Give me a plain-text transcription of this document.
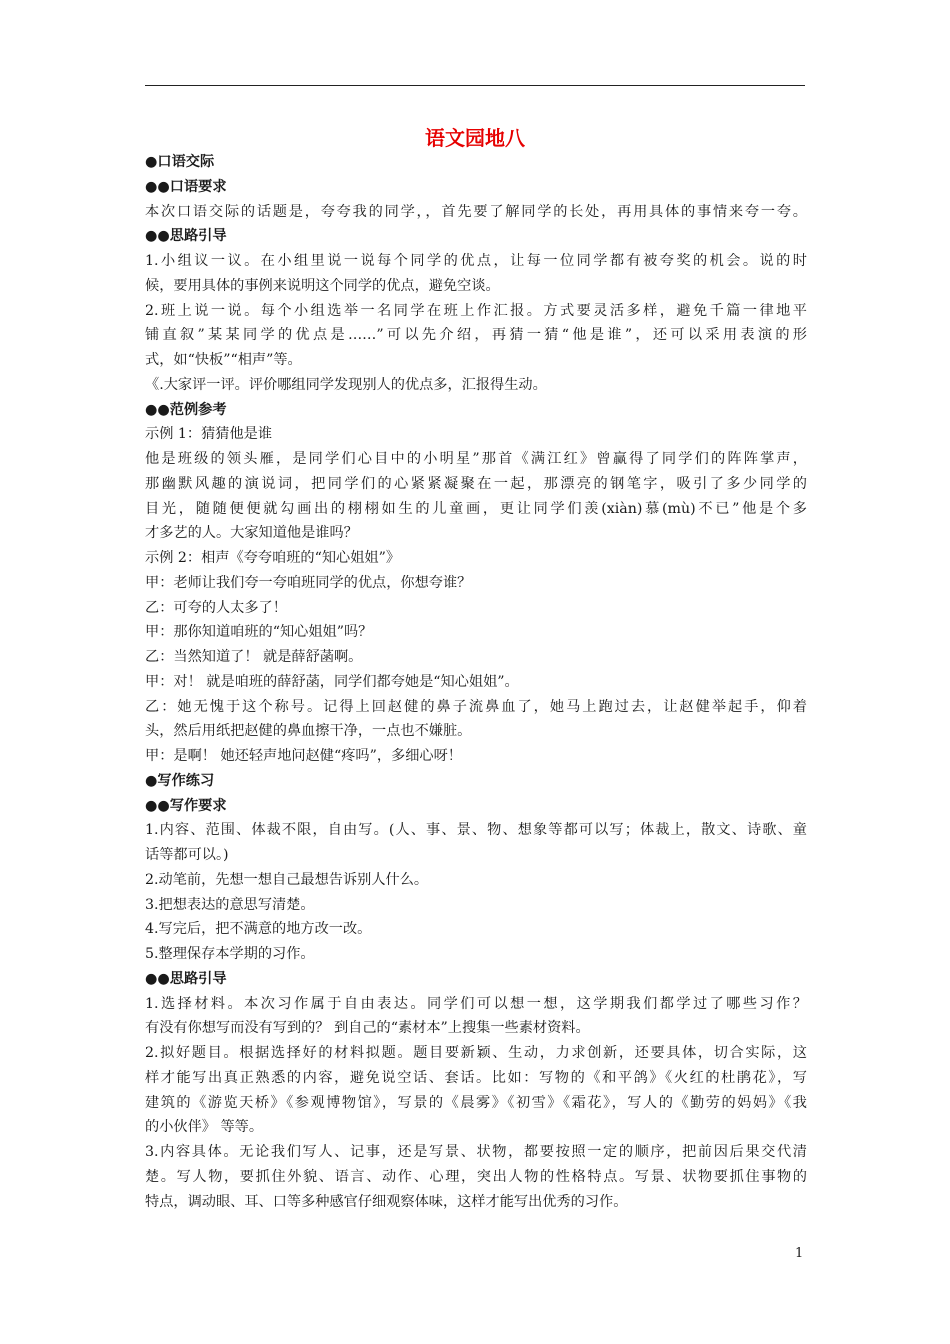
语文园地八
●口语交际
●●口语要求
本次口语交际的话题是，夸夸我的同学，，首先要了解同学的长处，再用具体的事情来夸一夸。
●●思路引导
1.小组议一议。在小组里说一说每个同学的优点，让每一位同学都有被夸奖的机会。说的时
候，要用具体的事例来说明这个同学的优点，避免空谈。
2.班上说一说。每个小组选举一名同学在班上作汇报。方式要灵活多样，避免千篇一律地平
铺直叙”某某同学的优点是……”可以先介绍，再猜一猜“他是谁”，还可以采用表演的形
式，如“快板”“相声”等。
《.大家评一评。评价哪组同学发现别人的优点多，汇报得生动。
●●范例参考
示例 1：猜猜他是谁
他是班级的领头雁，是同学们心目中的小明星”那首《满江红》曾赢得了同学们的阵阵掌声，
那幽默风趣的演说词，把同学们的心紧紧凝聚在一起，那漂亮的钢笔字，吸引了多少同学的
目光，随随便便就勾画出的栩栩如生的儿童画，更让同学们羡(xiàn)慕(mù)不已”他是个多
才多艺的人。大家知道他是谁吗？
示例 2：相声《夸夸咱班的“知心姐姐”》
甲：老师让我们夸一夸咱班同学的优点，你想夸谁？
乙：可夸的人太多了！
甲：那你知道咱班的“知心姐姐”吗？
乙：当然知道了！ 就是薛舒菡啊。
甲：对！ 就是咱班的薛舒菡，同学们都夸她是“知心姐姐”。
乙：她无愧于这个称号。记得上回赵健的鼻子流鼻血了，她马上跑过去，让赵健举起手，仰着
头，然后用纸把赵健的鼻血擦干净，一点也不嫌脏。
甲：是啊！ 她还轻声地问赵健“疼吗”，多细心呀！
●写作练习
●●写作要求
1.内容、范围、体裁不限，自由写。(人、事、景、物、想象等都可以写；体裁上，散文、诗歌、童
话等都可以。)
2.动笔前，先想一想自己最想告诉别人什么。
3.把想表达的意思写清楚。
4.写完后，把不满意的地方改一改。
5.整理保存本学期的习作。
●●思路引导
1.选择材料。本次习作属于自由表达。同学们可以想一想，这学期我们都学过了哪些习作？
有没有你想写而没有写到的？ 到自己的“素材本”上搜集一些素材资料。
2.拟好题目。根据选择好的材料拟题。题目要新颖、生动，力求创新，还要具体，切合实际，这
样才能写出真正熟悉的内容，避免说空话、套话。比如：写物的《和平鸽》《火红的杜鹃花》，写
建筑的《游览天桥》《参观博物馆》，写景的《晨雾》《初雪》《霜花》，写人的《勤劳的妈妈》《我
的小伙伴》 等等。
3.内容具体。无论我们写人、记事，还是写景、状物，都要按照一定的顺序，把前因后果交代清
楚。写人物，要抓住外貌、语言、动作、心理，突出人物的性格特点。写景、状物要抓住事物的
特点，调动眼、耳、口等多种感官仔细观察体味，这样才能写出优秀的习作。
1
